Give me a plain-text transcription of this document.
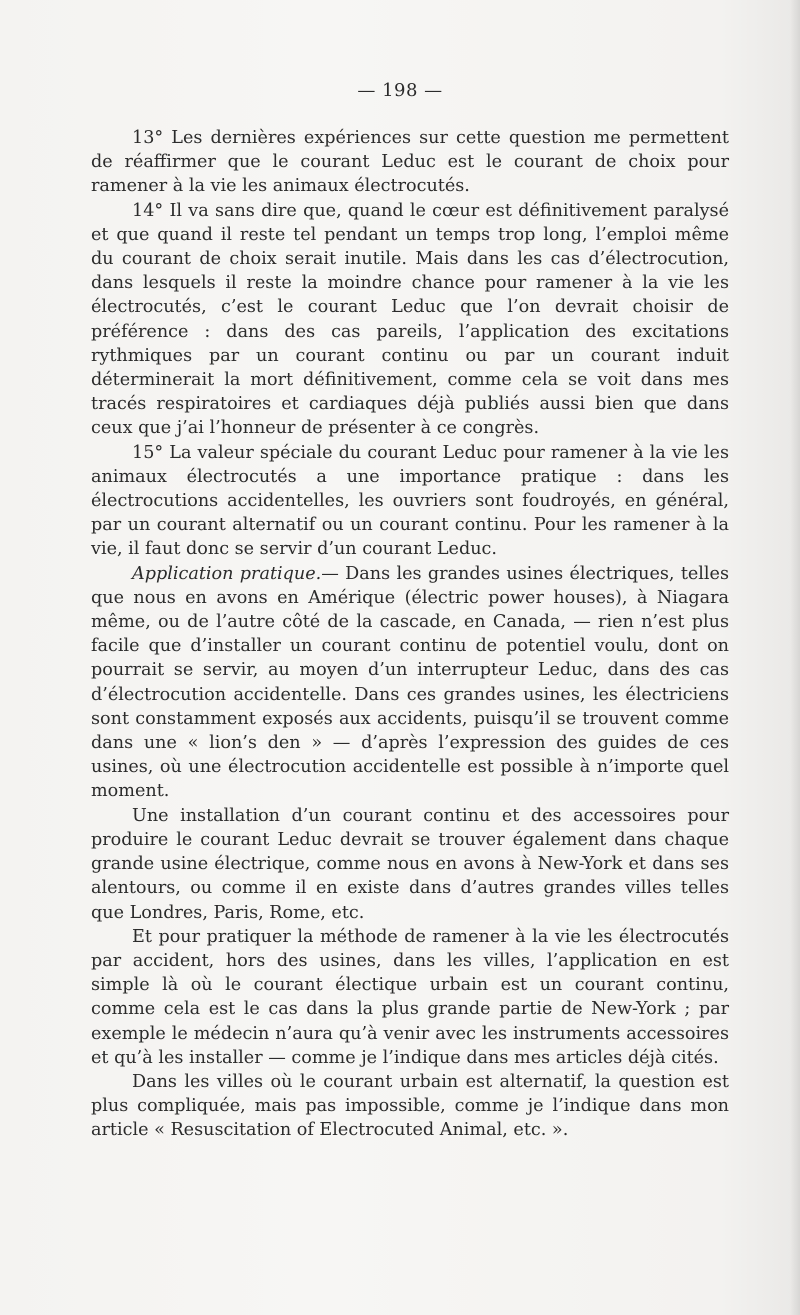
— 198 —

13° Les dernières expériences sur cette question me permettent de réaffirmer que le courant Leduc est le courant de choix pour ramener à la vie les animaux électrocutés.

14° Il va sans dire que, quand le cœur est définitivement paralysé et que quand il reste tel pendant un temps trop long, l’emploi même du courant de choix serait inutile. Mais dans les cas d’électrocution, dans lesquels il reste la moindre chance pour ramener à la vie les électrocutés, c’est le courant Leduc que l’on devrait choisir de préférence : dans des cas pareils, l’application des excitations rythmiques par un courant continu ou par un courant induit déterminerait la mort définitivement, comme cela se voit dans mes tracés respiratoires et cardiaques déjà publiés aussi bien que dans ceux que j’ai l’honneur de présenter à ce congrès.

15° La valeur spéciale du courant Leduc pour ramener à la vie les animaux électrocutés a une importance pratique : dans les électrocutions accidentelles, les ouvriers sont foudroyés, en général, par un courant alternatif ou un courant continu. Pour les ramener à la vie, il faut donc se servir d’un courant Leduc.

Application pratique.— Dans les grandes usines électriques, telles que nous en avons en Amérique (électric power houses), à Niagara même, ou de l’autre côté de la cascade, en Canada, — rien n’est plus facile que d’installer un courant continu de potentiel voulu, dont on pourrait se servir, au moyen d’un interrupteur Leduc, dans des cas d’électrocution accidentelle. Dans ces grandes usines, les électriciens sont constamment exposés aux accidents, puisqu’il se trouvent comme dans une « lion’s den » — d’après l’expression des guides de ces usines, où une électrocution accidentelle est possible à n’importe quel moment.

Une installation d’un courant continu et des accessoires pour produire le courant Leduc devrait se trouver également dans chaque grande usine électrique, comme nous en avons à New-York et dans ses alentours, ou comme il en existe dans d’autres grandes villes telles que Londres, Paris, Rome, etc.

Et pour pratiquer la méthode de ramener à la vie les électrocutés par accident, hors des usines, dans les villes, l’application en est simple là où le courant électique urbain est un courant continu, comme cela est le cas dans la plus grande partie de New-York ; par exemple le médecin n’aura qu’à venir avec les instruments accessoires et qu’à les installer — comme je l’indique dans mes articles déjà cités.

Dans les villes où le courant urbain est alternatif, la question est plus compliquée, mais pas impossible, comme je l’indique dans mon article « Resuscitation of Electrocuted Animal, etc. ».
